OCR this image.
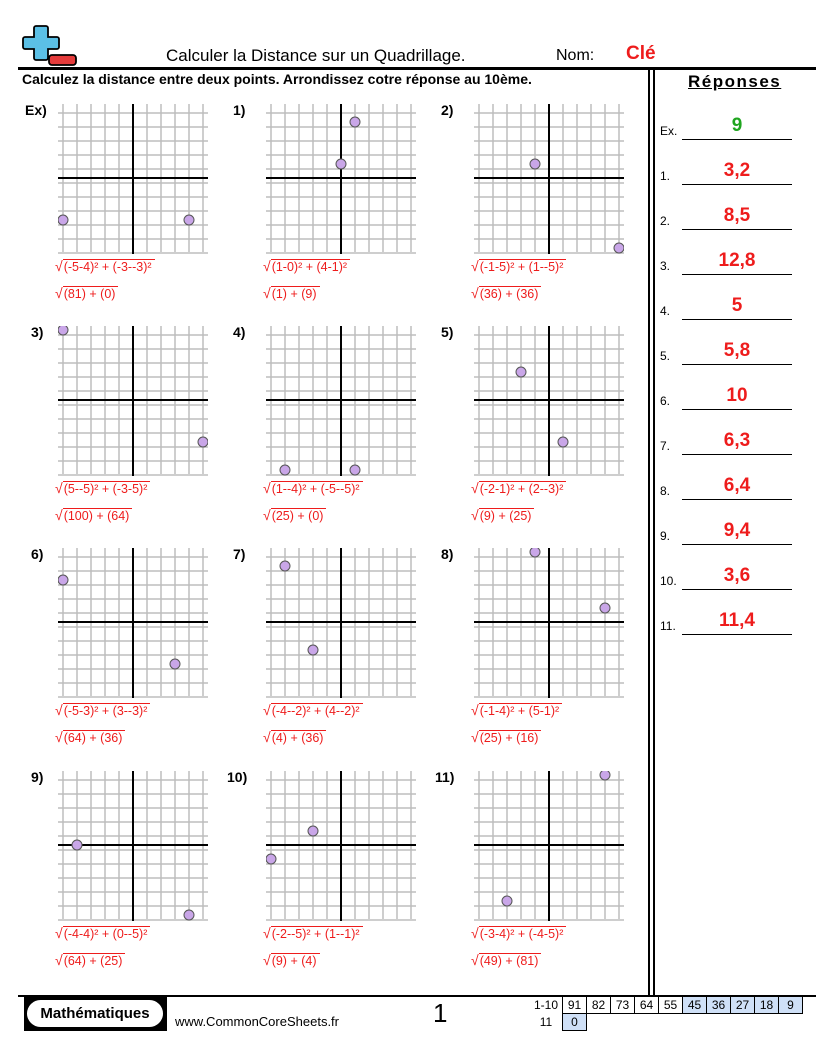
Calculer la Distance sur un Quadrillage.	Nom: Clé
Calculez la distance entre deux points. Arrondissez cotre réponse au 10ème.
Ex)
√(-5-4)² + (-3--3)²
√(81) + (0)
1)
√(1-0)² + (4-1)²
√(1) + (9)
2)
√(-1-5)² + (1--5)²
√(36) + (36)
3)
√(5--5)² + (-3-5)²
√(100) + (64)
4)
√(1--4)² + (-5--5)²
√(25) + (0)
5)
√(-2-1)² + (2--3)²
√(9) + (25)
6)
√(-5-3)² + (3--3)²
√(64) + (36)
7)
√(-4--2)² + (4--2)²
√(4) + (36)
8)
√(-1-4)² + (5-1)²
√(25) + (16)
9)
√(-4-4)² + (0--5)²
√(64) + (25)
10)
√(-2--5)² + (1--1)²
√(9) + (4)
11)
√(-3-4)² + (-4-5)²
√(49) + (81)
Réponses
Ex.	9
1.	3,2
2.	8,5
3.	12,8
4.	5
5.	5,8
6.	10
7.	6,3
8.	6,4
9.	9,4
10.	3,6
11.	11,4
Mathématiques	www.CommonCoreSheets.fr	1	1-10	91	82	73	64	55	45	36	27	18	9
11	0									
